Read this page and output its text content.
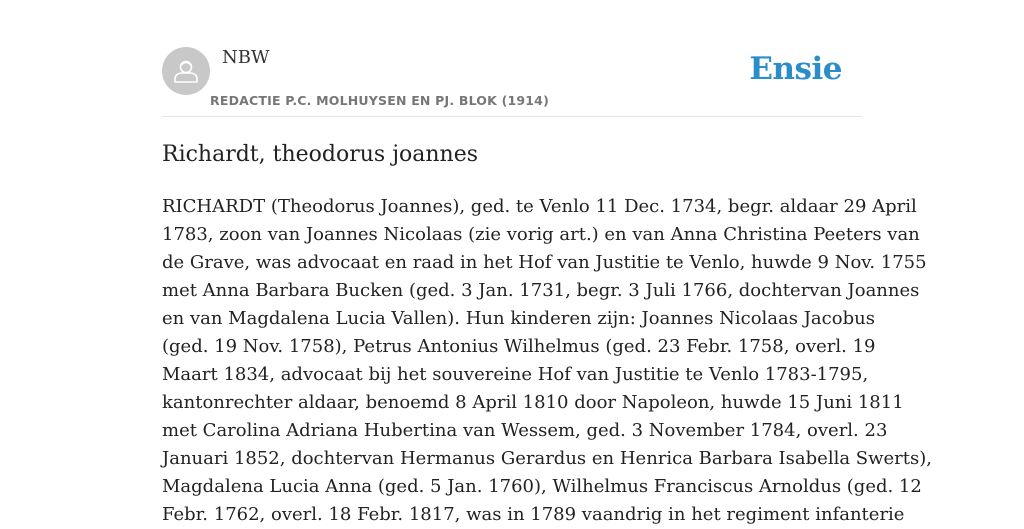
NBW
REDACTIE P.C. MOLHUYSEN EN PJ. BLOK (1914)
Ensie
Richardt, theodorus joannes
RICHARDT (Theodorus Joannes), ged. te Venlo 11 Dec. 1734, begr. aldaar 29 April
1783, zoon van Joannes Nicolaas (zie vorig art.) en van Anna Christina Peeters van
de Grave, was advocaat en raad in het Hof van Justitie te Venlo, huwde 9 Nov. 1755
met Anna Barbara Bucken (ged. 3 Jan. 1731, begr. 3 Juli 1766, dochtervan Joannes
en van Magdalena Lucia Vallen). Hun kinderen zijn: Joannes Nicolaas Jacobus
(ged. 19 Nov. 1758), Petrus Antonius Wilhelmus (ged. 23 Febr. 1758, overl. 19
Maart 1834, advocaat bij het souvereine Hof van Justitie te Venlo 1783-1795,
kantonrechter aldaar, benoemd 8 April 1810 door Napoleon, huwde 15 Juni 1811
met Carolina Adriana Hubertina van Wessem, ged. 3 November 1784, overl. 23
Januari 1852, dochtervan Hermanus Gerardus en Henrica Barbara Isabella Swerts),
Magdalena Lucia Anna (ged. 5 Jan. 1760), Wilhelmus Franciscus Arnoldus (ged. 12
Febr. 1762, overl. 18 Febr. 1817, was in 1789 vaandrig in het regiment infanterie
